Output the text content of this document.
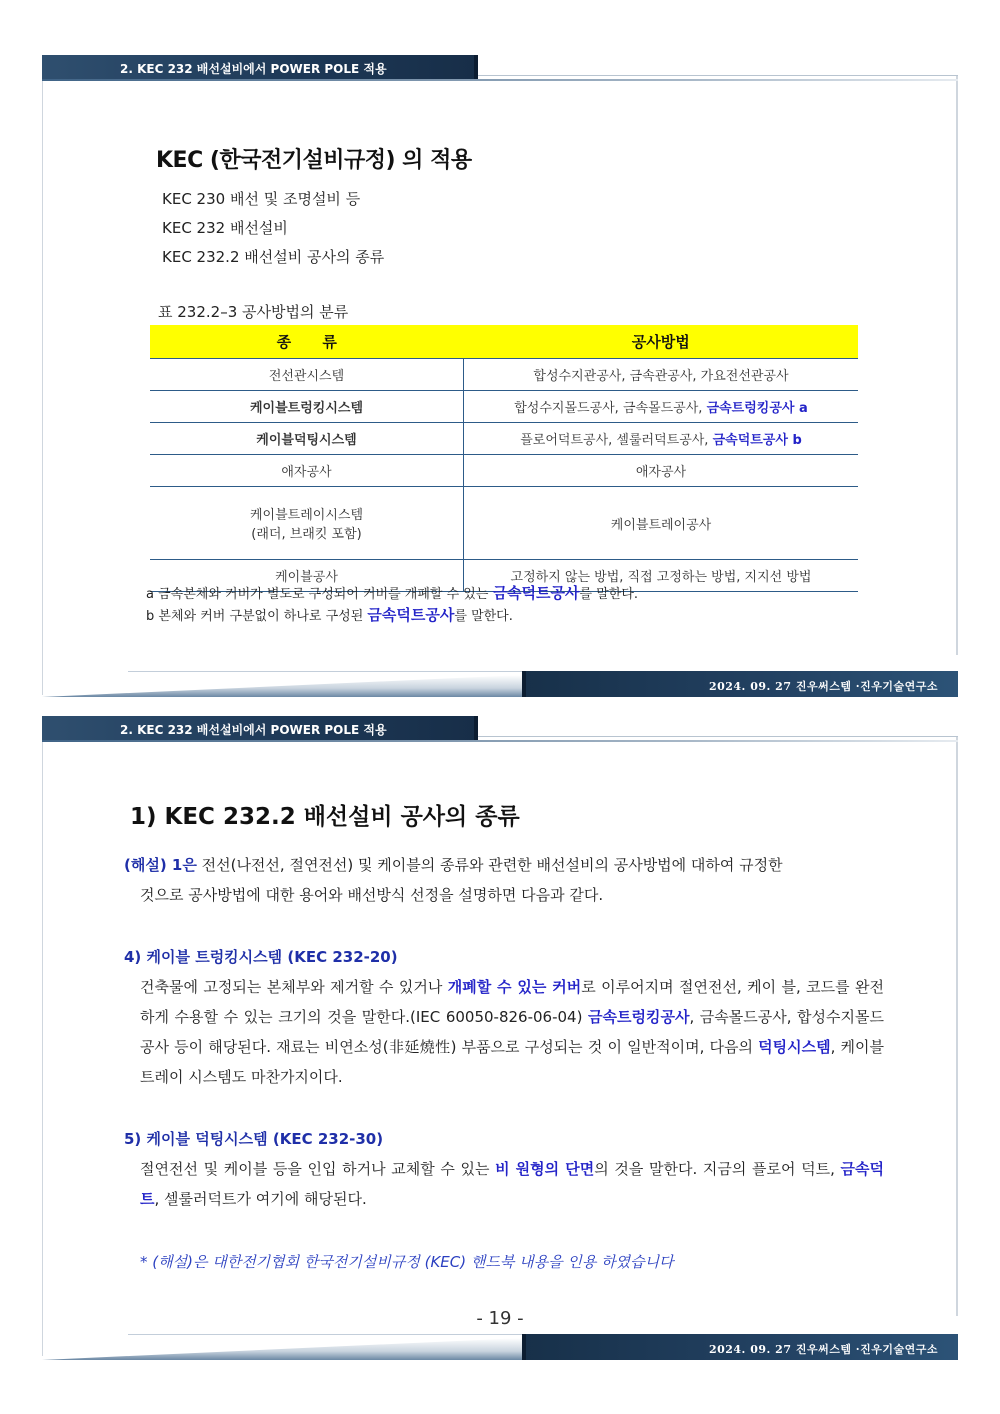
2. KEC 232 배선설비에서 POWER POLE 적용
KEC (한국전기설비규정) 의 적용
KEC 230 배선 및 조명설비 등
KEC 232 배선설비
KEC 232.2 배선설비 공사의 종류
표 232.2–3 공사방법의 분류
종      류	공사방법
전선관시스템	합성수지관공사, 금속관공사, 가요전선관공사
케이블트렁킹시스템	합성수지몰드공사, 금속몰드공사, 금속트렁킹공사 a
케이블덕팅시스템	플로어덕트공사, 셀룰러덕트공사, 금속덕트공사 b
애자공사	애자공사

케이블트레이시스템
(래더, 브래킷 포함)	케이블트레이공사
케이블공사	고정하지 않는 방법, 직접 고정하는 방법, 지지선 방법
a 금속본체와 커버가 별도로 구성되어 커버를 개폐할 수 있는 금속덕트공사를 말한다.
b 본체와 커버 구분없이 하나로 구성된 금속덕트공사를 말한다.
2024. 09. 27 진우써스템 ·진우기술연구소
2. KEC 232 배선설비에서 POWER POLE 적용
1) KEC 232.2 배선설비 공사의 종류

(해설) 1은 전선(나전선, 절연전선) 및 케이블의 종류와 관련한 배선설비의 공사방법에 대하여 규정한

것으로 공사방법에 대한 용어와 배선방식 선정을 설명하면 다음과 같다.

4) 케이블 트렁킹시스템 (KEC 232-20)

건축물에 고정되는 본체부와 제거할 수 있거나 개폐할 수 있는 커버로 이루어지며 절연전선, 케이 블, 코드를 완전하게 수용할 수 있는 크기의 것을 말한다.(IEC 60050-826-06-04) 금속트렁킹공사, 금속몰드공사, 합성수지몰드공사 등이 해당된다. 재료는 비연소성(非延燒性) 부품으로 구성되는 것 이 일반적이며, 다음의 덕팅시스템, 케이블 트레이 시스템도 마찬가지이다.

5) 케이블 덕팅시스템 (KEC 232-30)

절연전선 및 케이블 등을 인입 하거나 교체할 수 있는 비 원형의 단면의 것을 말한다. 지금의 플로어 덕트, 금속덕트, 셀룰러덕트가 여기에 해당된다.

* (해설)은 대한전기협회 한국전기설비규정 (KEC) 핸드북 내용을 인용 하였습니다
- 19 -
2024. 09. 27 진우써스템 ·진우기술연구소
